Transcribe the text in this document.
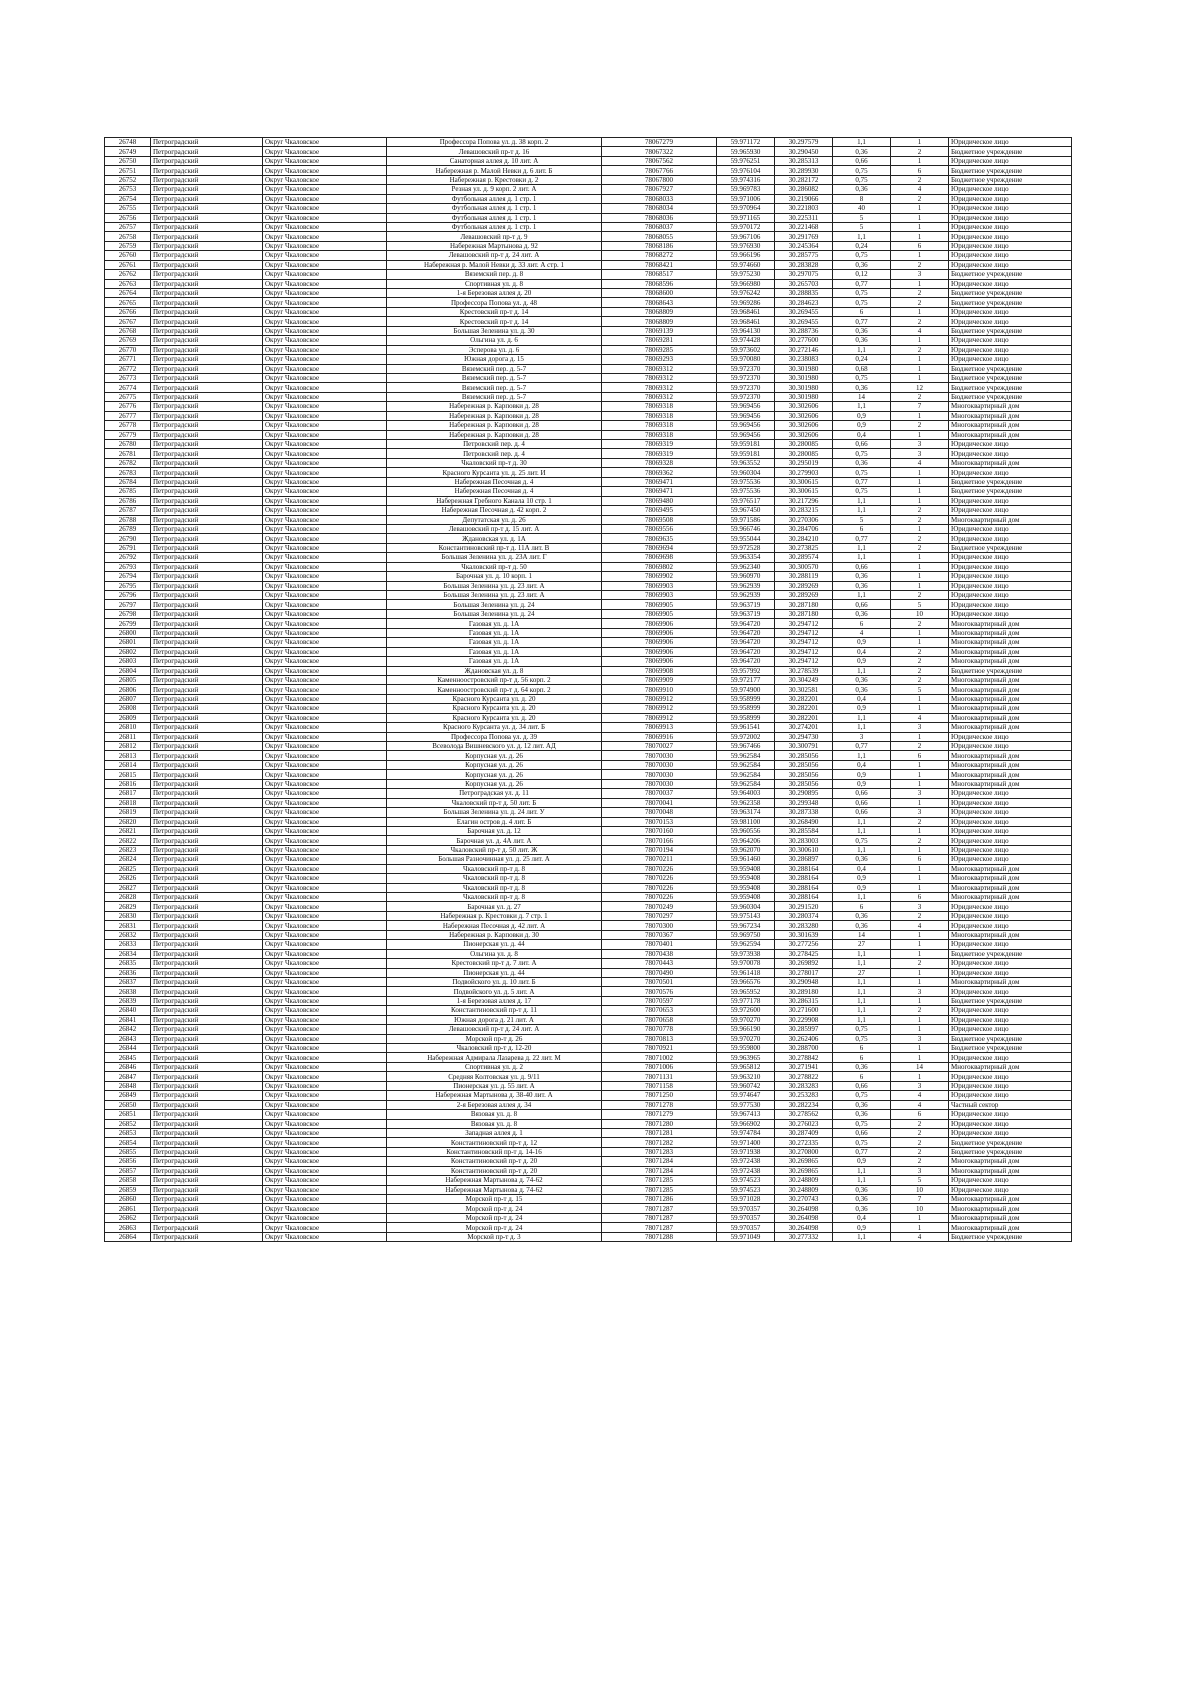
26748	Петроградский	Округ Чкаловское	Профессора Попова ул. д. 38 корп. 2	78067279	59.971172	30.297579	1,1	1	Юридическое лицо
26749	Петроградский	Округ Чкаловское	Левашовский пр-т д. 16	78067322	59.965930	30.290450	0,36	2	Бюджетное учреждение
26750	Петроградский	Округ Чкаловское	Санаторная аллея д. 10 лит. А	78067562	59.976251	30.285313	0,66	1	Юридическое лицо
26751	Петроградский	Округ Чкаловское	Набережная р. Малой Невки д. 6 лит. Б	78067766	59.976104	30.289930	0,75	6	Бюджетное учреждение
26752	Петроградский	Округ Чкаловское	Набережная р. Крестовки д. 2	78067800	59.974316	30.282172	0,75	2	Бюджетное учреждение
26753	Петроградский	Округ Чкаловское	Резная ул. д. 9 корп. 2 лит. А	78067927	59.969783	30.286082	0,36	4	Юридическое лицо
26754	Петроградский	Округ Чкаловское	Футбольная аллея д. 1 стр. 1	78068033	59.971006	30.219066	8	2	Юридическое лицо
26755	Петроградский	Округ Чкаловское	Футбольная аллея д. 1 стр. 1	78068034	59.970964	30.221803	40	1	Юридическое лицо
26756	Петроградский	Округ Чкаловское	Футбольная аллея д. 1 стр. 1	78068036	59.971165	30.225311	5	1	Юридическое лицо
26757	Петроградский	Округ Чкаловское	Футбольная аллея д. 1 стр. 1	78068037	59.970172	30.221468	5	1	Юридическое лицо
26758	Петроградский	Округ Чкаловское	Левашовский пр-т д. 9	78068055	59.967106	30.291769	1,1	1	Юридическое лицо
26759	Петроградский	Округ Чкаловское	Набережная Мартынова д. 92	78068186	59.976930	30.245364	0,24	6	Юридическое лицо
26760	Петроградский	Округ Чкаловское	Левашовский пр-т д. 24 лит. А	78068272	59.966196	30.285775	0,75	1	Юридическое лицо
26761	Петроградский	Округ Чкаловское	Набережная р. Малой Невки д. 33 лит. А стр. 1	78068421	59.974660	30.283828	0,36	2	Юридическое лицо
26762	Петроградский	Округ Чкаловское	Вяземский пер. д. 8	78068517	59.975230	30.297075	0,12	3	Бюджетное учреждение
26763	Петроградский	Округ Чкаловское	Спортивная ул. д. 8	78068596	59.966980	30.265703	0,77	1	Юридическое лицо
26764	Петроградский	Округ Чкаловское	1-я Березовая аллея д. 20	78068600	59.976242	30.288835	0,75	2	Бюджетное учреждение
26765	Петроградский	Округ Чкаловское	Профессора Попова ул. д. 48	78068643	59.969286	30.284623	0,75	2	Бюджетное учреждение
26766	Петроградский	Округ Чкаловское	Крестовский пр-т д. 14	78068809	59.968461	30.269455	6	1	Юридическое лицо
26767	Петроградский	Округ Чкаловское	Крестовский пр-т д. 14	78068809	59.968461	30.269455	0,77	2	Юридическое лицо
26768	Петроградский	Округ Чкаловское	Большая Зеленина ул. д. 30	78069139	59.964130	30.288736	0,36	4	Бюджетное учреждение
26769	Петроградский	Округ Чкаловское	Ольгина ул. д. 6	78069281	59.974428	30.277600	0,36	1	Юридическое лицо
26770	Петроградский	Округ Чкаловское	Эсперова ул. д. 6	78069285	59.973602	30.272146	1,1	2	Юридическое лицо
26771	Петроградский	Округ Чкаловское	Южная дорога д. 15	78069293	59.970080	30.238083	0,24	1	Юридическое лицо
26772	Петроградский	Округ Чкаловское	Вяземский пер. д. 5-7	78069312	59.972370	30.301980	0,68	1	Бюджетное учреждение
26773	Петроградский	Округ Чкаловское	Вяземский пер. д. 5-7	78069312	59.972370	30.301980	0,75	1	Бюджетное учреждение
26774	Петроградский	Округ Чкаловское	Вяземский пер. д. 5-7	78069312	59.972370	30.301980	0,36	12	Бюджетное учреждение
26775	Петроградский	Округ Чкаловское	Вяземский пер. д. 5-7	78069312	59.972370	30.301980	14	2	Бюджетное учреждение
26776	Петроградский	Округ Чкаловское	Набережная р. Карповки д. 28	78069318	59.969456	30.302606	1,1	7	Многоквартирный дом
26777	Петроградский	Округ Чкаловское	Набережная р. Карповки д. 28	78069318	59.969456	30.302606	0,9	1	Многоквартирный дом
26778	Петроградский	Округ Чкаловское	Набережная р. Карповки д. 28	78069318	59.969456	30.302606	0,9	2	Многоквартирный дом
26779	Петроградский	Округ Чкаловское	Набережная р. Карповки д. 28	78069318	59.969456	30.302606	0,4	1	Многоквартирный дом
26780	Петроградский	Округ Чкаловское	Петровский пер. д. 4	78069319	59.959181	30.280085	0,66	3	Юридическое лицо
26781	Петроградский	Округ Чкаловское	Петровский пер. д. 4	78069319	59.959181	30.280085	0,75	3	Юридическое лицо
26782	Петроградский	Округ Чкаловское	Чкаловский пр-т д. 30	78069328	59.963552	30.295019	0,36	4	Многоквартирный дом
26783	Петроградский	Округ Чкаловское	Красного Курсанта ул. д. 25 лит. И	78069362	59.960304	30.279903	0,75	1	Юридическое лицо
26784	Петроградский	Округ Чкаловское	Набережная Песочная д. 4	78069471	59.975536	30.300615	0,77	1	Бюджетное учреждение
26785	Петроградский	Округ Чкаловское	Набережная Песочная д. 4	78069471	59.975536	30.300615	0,75	1	Бюджетное учреждение
26786	Петроградский	Округ Чкаловское	Набережная Гребного Канала 10 стр. 1	78069480	59.976517	30.217296	1,1	1	Юридическое лицо
26787	Петроградский	Округ Чкаловское	Набережная Песочная д. 42 корп. 2	78069495	59.967450	30.283215	1,1	2	Юридическое лицо
26788	Петроградский	Округ Чкаловское	Депутатская ул. д. 26	78069508	59.971586	30.270306	5	2	Многоквартирный дом
26789	Петроградский	Округ Чкаловское	Левашовский пр-т д. 15 лит. А	78069556	59.966746	30.284706	6	1	Юридическое лицо
26790	Петроградский	Округ Чкаловское	Ждановская ул. д. 1А	78069635	59.955044	30.284210	0,77	2	Юридическое лицо
26791	Петроградский	Округ Чкаловское	Константиновский пр-т д. 11А лит. В	78069694	59.972528	30.273825	1,1	2	Бюджетное учреждение
26792	Петроградский	Округ Чкаловское	Большая Зеленина ул. д. 23А лит. Г	78069698	59.963354	30.289574	1,1	1	Юридическое лицо
26793	Петроградский	Округ Чкаловское	Чкаловский пр-т д. 50	78069802	59.962340	30.300570	0,66	1	Юридическое лицо
26794	Петроградский	Округ Чкаловское	Барочная ул. д. 10 корп. 1	78069902	59.960970	30.288119	0,36	1	Юридическое лицо
26795	Петроградский	Округ Чкаловское	Большая Зеленина ул. д. 23 лит. А	78069903	59.962939	30.289269	0,36	1	Юридическое лицо
26796	Петроградский	Округ Чкаловское	Большая Зеленина ул. д. 23 лит. А	78069903	59.962939	30.289269	1,1	2	Юридическое лицо
26797	Петроградский	Округ Чкаловское	Большая Зеленина ул. д. 24	78069905	59.963719	30.287180	0,66	5	Юридическое лицо
26798	Петроградский	Округ Чкаловское	Большая Зеленина ул. д. 24	78069905	59.963719	30.287180	0,36	10	Юридическое лицо
26799	Петроградский	Округ Чкаловское	Газовая ул. д. 1А	78069906	59.964720	30.294712	6	2	Многоквартирный дом
26800	Петроградский	Округ Чкаловское	Газовая ул. д. 1А	78069906	59.964720	30.294712	4	1	Многоквартирный дом
26801	Петроградский	Округ Чкаловское	Газовая ул. д. 1А	78069906	59.964720	30.294712	0,9	1	Многоквартирный дом
26802	Петроградский	Округ Чкаловское	Газовая ул. д. 1А	78069906	59.964720	30.294712	0,4	2	Многоквартирный дом
26803	Петроградский	Округ Чкаловское	Газовая ул. д. 1А	78069906	59.964720	30.294712	0,9	2	Многоквартирный дом
26804	Петроградский	Округ Чкаловское	Ждановская ул. д. 8	78069908	59.957992	30.278539	1,1	2	Бюджетное учреждение
26805	Петроградский	Округ Чкаловское	Каменноостровский пр-т д. 56 корп. 2	78069909	59.972177	30.304249	0,36	2	Многоквартирный дом
26806	Петроградский	Округ Чкаловское	Каменноостровский пр-т д. 64 корп. 2	78069910	59.974900	30.302581	0,36	5	Многоквартирный дом
26807	Петроградский	Округ Чкаловское	Красного Курсанта ул. д. 20	78069912	59.958999	30.282201	0,4	1	Многоквартирный дом
26808	Петроградский	Округ Чкаловское	Красного Курсанта ул. д. 20	78069912	59.958999	30.282201	0,9	1	Многоквартирный дом
26809	Петроградский	Округ Чкаловское	Красного Курсанта ул. д. 20	78069912	59.958999	30.282201	1,1	4	Многоквартирный дом
26810	Петроградский	Округ Чкаловское	Красного Курсанта ул. д. 34 лит. Б	78069913	59.961541	30.274201	1,1	3	Многоквартирный дом
26811	Петроградский	Округ Чкаловское	Профессора Попова ул. д. 39	78069916	59.972002	30.294730	3	1	Юридическое лицо
26812	Петроградский	Округ Чкаловское	Всеволода Вишневского ул. д. 12 лит. АД	78070027	59.967466	30.300791	0,77	2	Юридическое лицо
26813	Петроградский	Округ Чкаловское	Корпусная ул. д. 26	78070030	59.962584	30.285056	1,1	6	Многоквартирный дом
26814	Петроградский	Округ Чкаловское	Корпусная ул. д. 26	78070030	59.962584	30.285056	0,4	1	Многоквартирный дом
26815	Петроградский	Округ Чкаловское	Корпусная ул. д. 26	78070030	59.962584	30.285056	0,9	1	Многоквартирный дом
26816	Петроградский	Округ Чкаловское	Корпусная ул. д. 26	78070030	59.962584	30.285056	0,9	1	Многоквартирный дом
26817	Петроградский	Округ Чкаловское	Петроградская ул. д. 11	78070037	59.964003	30.290895	0,66	3	Юридическое лицо
26818	Петроградский	Округ Чкаловское	Чкаловский пр-т д. 50 лит. Б	78070041	59.962358	30.299348	0,66	1	Юридическое лицо
26819	Петроградский	Округ Чкаловское	Большая Зеленина ул. д. 24 лит. У	78070048	59.963174	30.287338	0,66	3	Юридическое лицо
26820	Петроградский	Округ Чкаловское	Елагин остров д. 4 лит. Б	78070153	59.981100	30.268490	1,1	2	Юридическое лицо
26821	Петроградский	Округ Чкаловское	Барочная ул. д. 12	78070160	59.960556	30.285584	1,1	1	Юридическое лицо
26822	Петроградский	Округ Чкаловское	Барочная ул. д. 4А лит. А	78070166	59.964206	30.283003	0,75	2	Юридическое лицо
26823	Петроградский	Округ Чкаловское	Чкаловский пр-т д. 50 лит. Ж	78070194	59.962070	30.300610	1,1	1	Юридическое лицо
26824	Петроградский	Округ Чкаловское	Большая Разночинная ул. д. 25 лит. А	78070211	59.961460	30.286897	0,36	6	Юридическое лицо
26825	Петроградский	Округ Чкаловское	Чкаловский пр-т д. 8	78070226	59.959408	30.288164	0,4	1	Многоквартирный дом
26826	Петроградский	Округ Чкаловское	Чкаловский пр-т д. 8	78070226	59.959408	30.288164	0,9	1	Многоквартирный дом
26827	Петроградский	Округ Чкаловское	Чкаловский пр-т д. 8	78070226	59.959408	30.288164	0,9	1	Многоквартирный дом
26828	Петроградский	Округ Чкаловское	Чкаловский пр-т д. 8	78070226	59.959408	30.288164	1,1	6	Многоквартирный дом
26829	Петроградский	Округ Чкаловское	Барочная ул. д. 27	78070249	59.960304	30.291520	6	3	Юридическое лицо
26830	Петроградский	Округ Чкаловское	Набережная р. Крестовки д. 7 стр. 1	78070297	59.975143	30.280374	0,36	2	Юридическое лицо
26831	Петроградский	Округ Чкаловское	Набережная Песочная д. 42 лит. А	78070300	59.967234	30.283280	0,36	4	Юридическое лицо
26832	Петроградский	Округ Чкаловское	Набережная р. Карповки д. 30	78070367	59.969750	30.301639	14	1	Многоквартирный дом
26833	Петроградский	Округ Чкаловское	Пионерская ул. д. 44	78070401	59.962594	30.277256	27	1	Юридическое лицо
26834	Петроградский	Округ Чкаловское	Ольгина ул. д. 8	78070438	59.973938	30.278425	1,1	1	Бюджетное учреждение
26835	Петроградский	Округ Чкаловское	Крестовский пр-т д. 7 лит. А	78070443	59.970078	30.269892	1,1	2	Юридическое лицо
26836	Петроградский	Округ Чкаловское	Пионерская ул. д. 44	78070490	59.961418	30.278017	27	1	Юридическое лицо
26837	Петроградский	Округ Чкаловское	Подвойского ул. д. 10 лит. Б	78070501	59.966576	30.290948	1,1	1	Многоквартирный дом
26838	Петроградский	Округ Чкаловское	Подвойского ул. д. 5 лит. А	78070576	59.965952	30.289180	1,1	3	Юридическое лицо
26839	Петроградский	Округ Чкаловское	1-я Березовая аллея д. 17	78070597	59.977178	30.286315	1,1	1	Бюджетное учреждение
26840	Петроградский	Округ Чкаловское	Константиновский пр-т д. 11	78070653	59.972600	30.271600	1,1	2	Юридическое лицо
26841	Петроградский	Округ Чкаловское	Южная дорога д. 21 лит. А	78070658	59.970270	30.229908	1,1	1	Юридическое лицо
26842	Петроградский	Округ Чкаловское	Левашовский пр-т д. 24 лит. А	78070778	59.966190	30.285997	0,75	1	Юридическое лицо
26843	Петроградский	Округ Чкаловское	Морской пр-т д. 26	78070813	59.970270	30.262406	0,75	3	Бюджетное учреждение
26844	Петроградский	Округ Чкаловское	Чкаловский пр-т д. 12-20	78070921	59.959800	30.288700	6	1	Бюджетное учреждение
26845	Петроградский	Округ Чкаловское	Набережная Адмирала Лазарева д. 22 лит. М	78071002	59.963965	30.278842	6	1	Юридическое лицо
26846	Петроградский	Округ Чкаловское	Спортивная ул. д. 2	78071006	59.965812	30.271941	0,36	14	Многоквартирный дом
26847	Петроградский	Округ Чкаловское	Средняя Колтовская ул. д. 9/11	78071131	59.963210	30.278822	6	1	Юридическое лицо
26848	Петроградский	Округ Чкаловское	Пионерская ул. д. 55 лит. А	78071158	59.960742	30.283283	0,66	3	Юридическое лицо
26849	Петроградский	Округ Чкаловское	Набережная Мартынова д. 38-40 лит. А	78071250	59.974647	30.253283	0,75	4	Юридическое лицо
26850	Петроградский	Округ Чкаловское	2-я Березовая аллея д. 34	78071278	59.977530	30.282234	0,36	4	Частный сектор
26851	Петроградский	Округ Чкаловское	Вязовая ул. д. 8	78071279	59.967413	30.278562	0,36	6	Юридическое лицо
26852	Петроградский	Округ Чкаловское	Вязовая ул. д. 8	78071280	59.966902	30.276023	0,75	2	Юридическое лицо
26853	Петроградский	Округ Чкаловское	Западная аллея д. 1	78071281	59.974784	30.287409	0,66	2	Юридическое лицо
26854	Петроградский	Округ Чкаловское	Константиновский пр-т д. 12	78071282	59.971400	30.272335	0,75	2	Бюджетное учреждение
26855	Петроградский	Округ Чкаловское	Константиновский пр-т д. 14-16	78071283	59.971938	30.270800	0,77	2	Бюджетное учреждение
26856	Петроградский	Округ Чкаловское	Константиновский пр-т д. 20	78071284	59.972438	30.269865	0,9	2	Многоквартирный дом
26857	Петроградский	Округ Чкаловское	Константиновский пр-т д. 20	78071284	59.972438	30.269865	1,1	3	Многоквартирный дом
26858	Петроградский	Округ Чкаловское	Набережная Мартынова д. 74-62	78071285	59.974523	30.248809	1,1	5	Юридическое лицо
26859	Петроградский	Округ Чкаловское	Набережная Мартынова д. 74-62	78071285	59.974523	30.248809	0,36	10	Юридическое лицо
26860	Петроградский	Округ Чкаловское	Морской пр-т д. 15	78071286	59.971028	30.270743	0,36	7	Многоквартирный дом
26861	Петроградский	Округ Чкаловское	Морской пр-т д. 24	78071287	59.970357	30.264098	0,36	10	Многоквартирный дом
26862	Петроградский	Округ Чкаловское	Морской пр-т д. 24	78071287	59.970357	30.264098	0,4	1	Многоквартирный дом
26863	Петроградский	Округ Чкаловское	Морской пр-т д. 24	78071287	59.970357	30.264098	0,9	1	Многоквартирный дом
26864	Петроградский	Округ Чкаловское	Морской пр-т д. 3	78071288	59.971049	30.277332	1,1	4	Бюджетное учреждение
